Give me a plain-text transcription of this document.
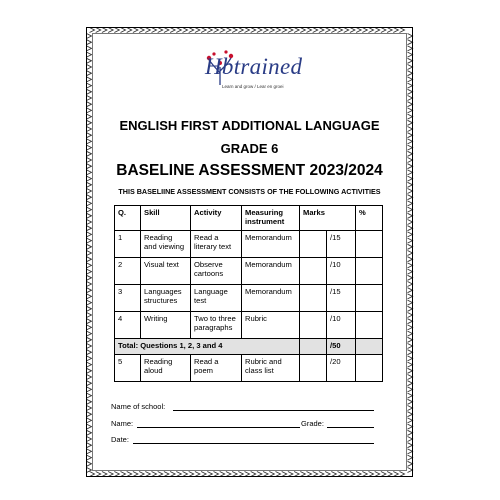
Hbtrained
Learn and grow / Lear en groei
ENGLISH FIRST ADDITIONAL LANGUAGE
GRADE 6
BASELINE ASSESSMENT 2023/2024
THIS BASELIINE ASSESSMENT CONSISTS OF THE FOLLOWING ACTIVITIES
Q.	Skill	Activity	Measuring instrument	Marks		%
1	Reading and viewing	Read a literary text	Memorandum		/15	
2	Visual text	Observe cartoons	Memorandum		/10	
3	Languages structures	Language test	Memorandum		/15	
4	Writing	Two to three paragraphs	Rubric		/10	
Total: Questions 1, 2, 3 and 4					/50	
5	Reading aloud	Read a poem	Rubric and class list		/20	
Name of school:
Name:	Grade:
Date:
